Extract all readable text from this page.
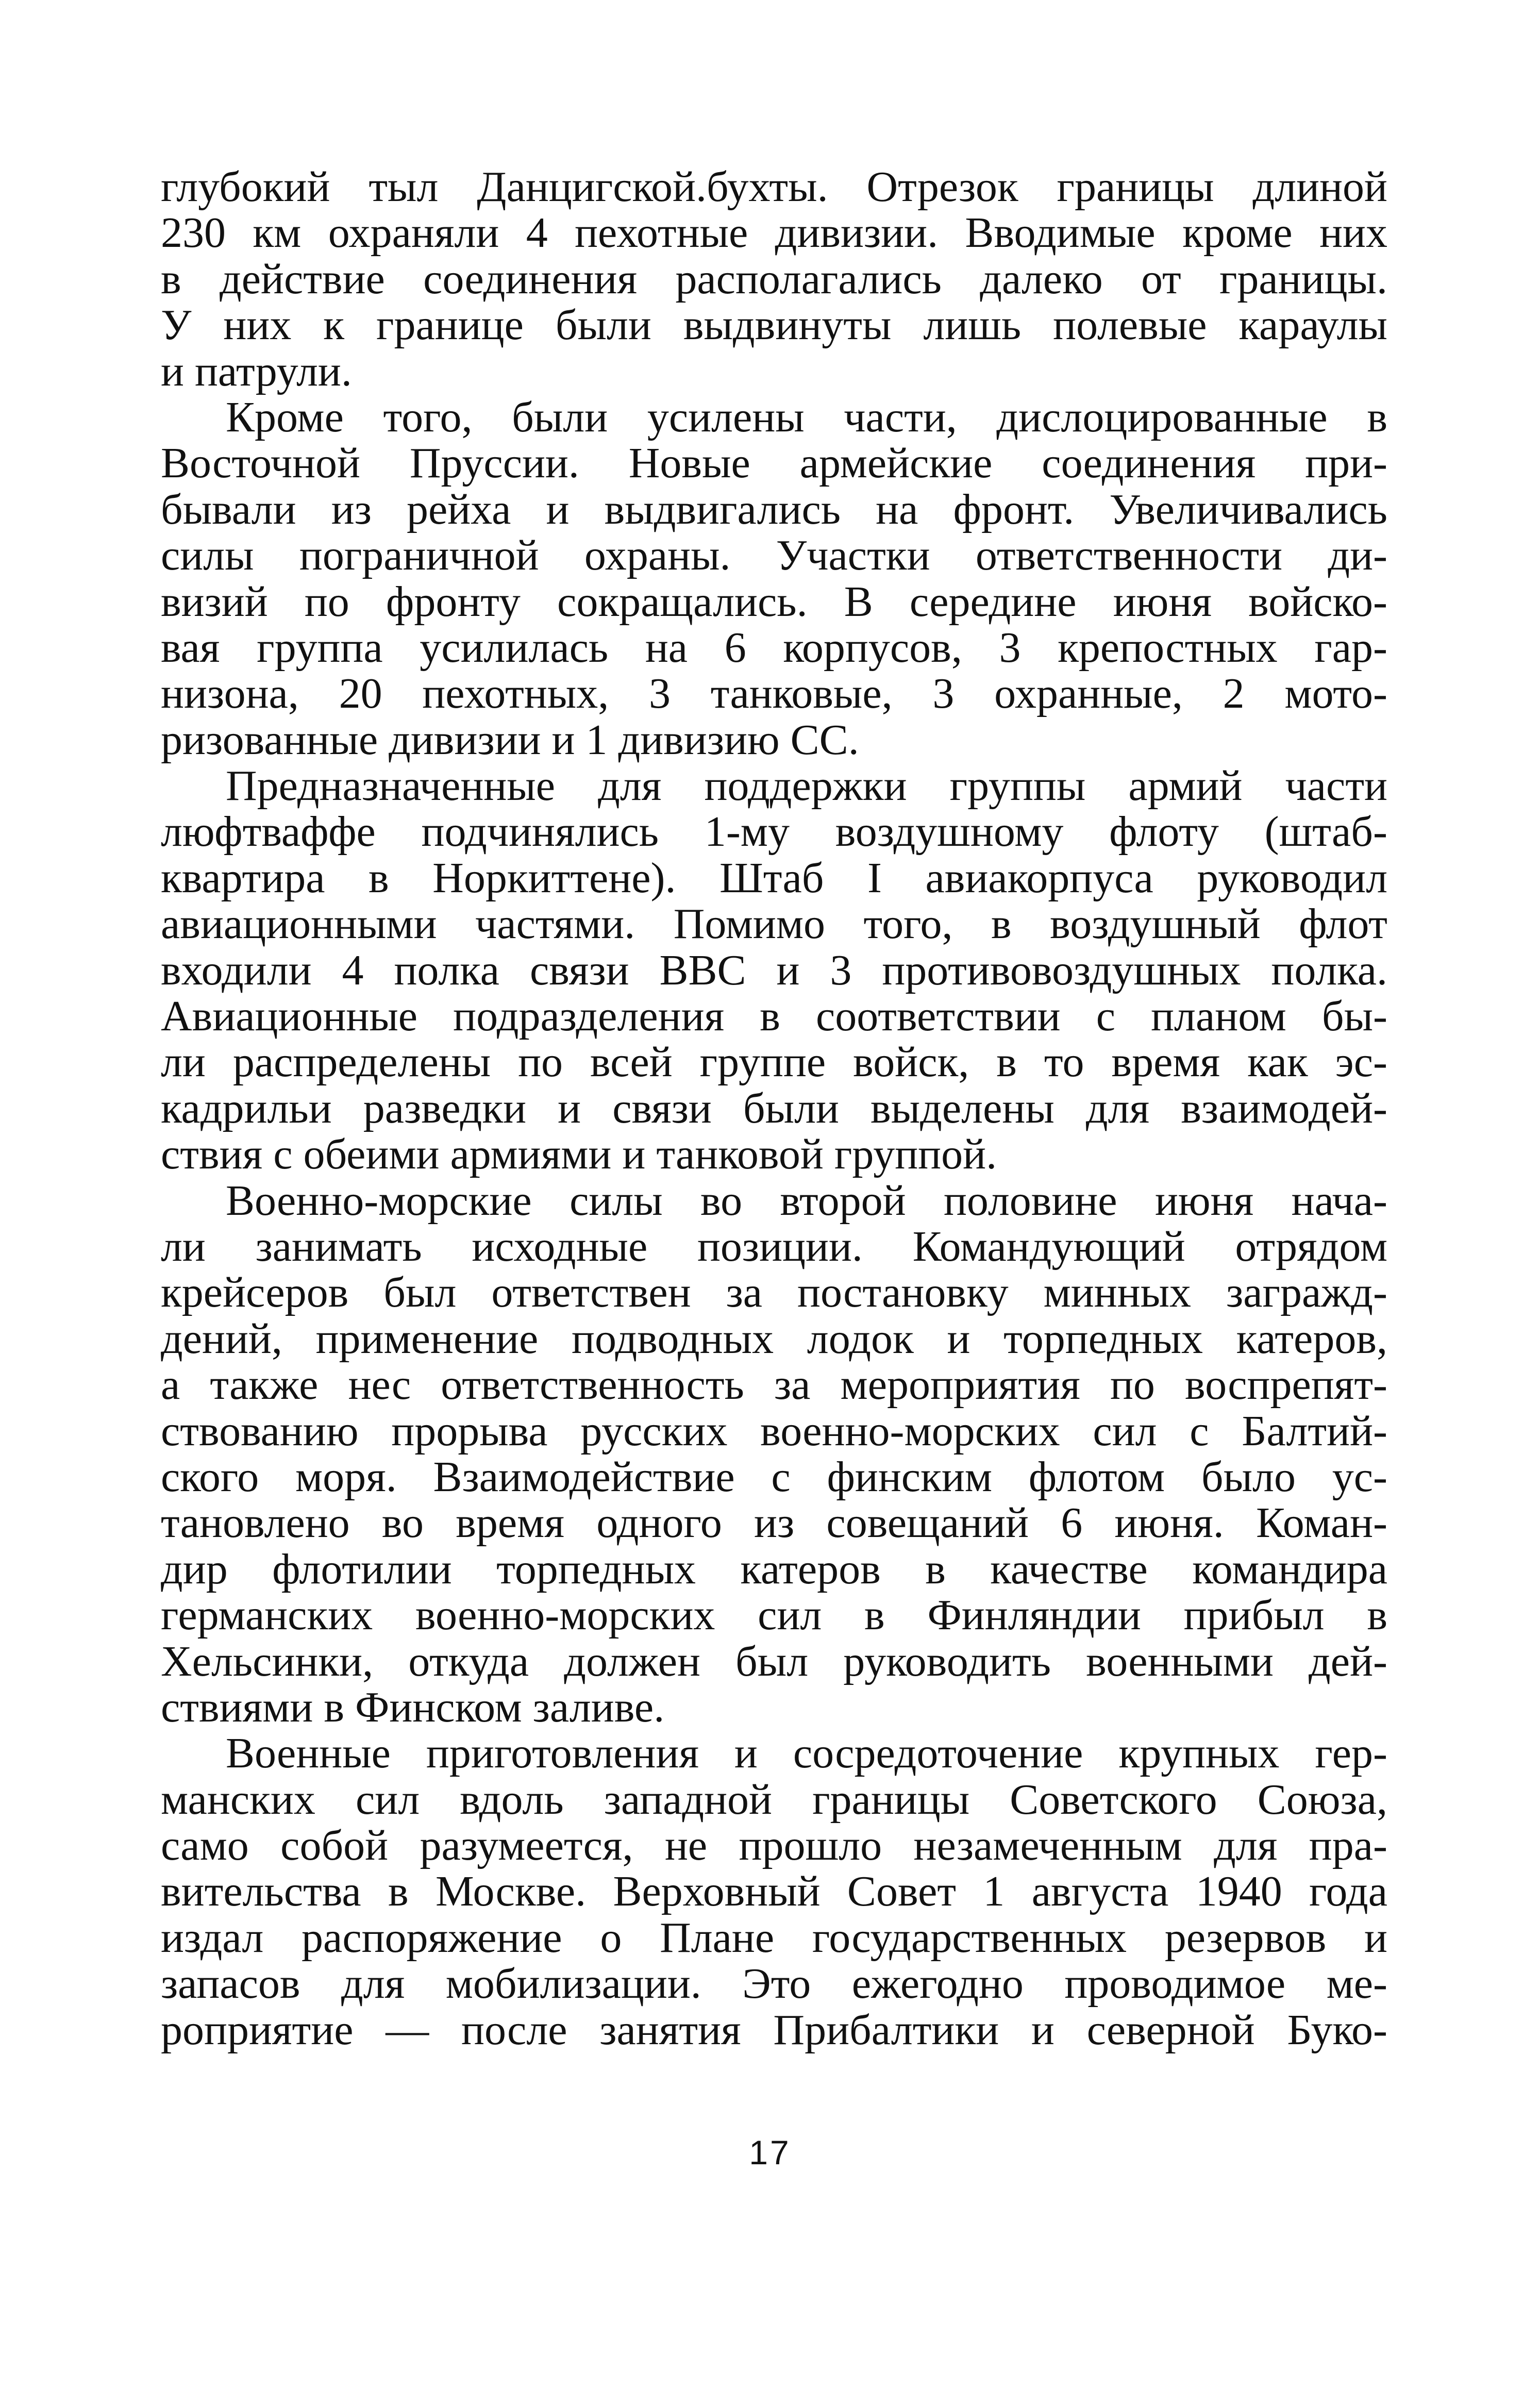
глубокий тыл Данцигской.бухты. Отрезок границы длиной
230 км охраняли 4 пехотные дивизии. Вводимые кроме них
в действие соединения располагались далеко от границы.
У них к границе были выдвинуты лишь полевые караулы
и патрули.
Кроме того, были усилены части, дислоцированные в
Восточной Пруссии. Новые армейские соединения при-
бывали из рейха и выдвигались на фронт. Увеличивались
силы пограничной охраны. Участки ответственности ди-
визий по фронту сокращались. В середине июня войско-
вая группа усилилась на 6 корпусов, 3 крепостных гар-
низона, 20 пехотных, 3 танковые, 3 охранные, 2 мото-
ризованные дивизии и 1 дивизию СС.
Предназначенные для поддержки группы армий части
люфтваффе подчинялись 1-му воздушному флоту (штаб-
квартира в Норкиттене). Штаб I авиакорпуса руководил
авиационными частями. Помимо того, в воздушный флот
входили 4 полка связи ВВС и 3 противовоздушных полка.
Авиационные подразделения в соответствии с планом бы-
ли распределены по всей группе войск, в то время как эс-
кадрильи разведки и связи были выделены для взаимодей-
ствия с обеими армиями и танковой группой.
Военно-морские силы во второй половине июня нача-
ли занимать исходные позиции. Командующий отрядом
крейсеров был ответствен за постановку минных загражд-
дений, применение подводных лодок и торпедных катеров,
а также нес ответственность за мероприятия по воспрепят-
ствованию прорыва русских военно-морских сил с Балтий-
ского моря. Взаимодействие с финским флотом было ус-
тановлено во время одного из совещаний 6 июня. Коман-
дир флотилии торпедных катеров в качестве командира
германских военно-морских сил в Финляндии прибыл в
Хельсинки, откуда должен был руководить военными дей-
ствиями в Финском заливе.
Военные приготовления и сосредоточение крупных гер-
манских сил вдоль западной границы Советского Союза,
само собой разумеется, не прошло незамеченным для пра-
вительства в Москве. Верховный Совет 1 августа 1940 года
издал распоряжение о Плане государственных резервов и
запасов для мобилизации. Это ежегодно проводимое ме-
роприятие — после занятия Прибалтики и северной Буко-
17
